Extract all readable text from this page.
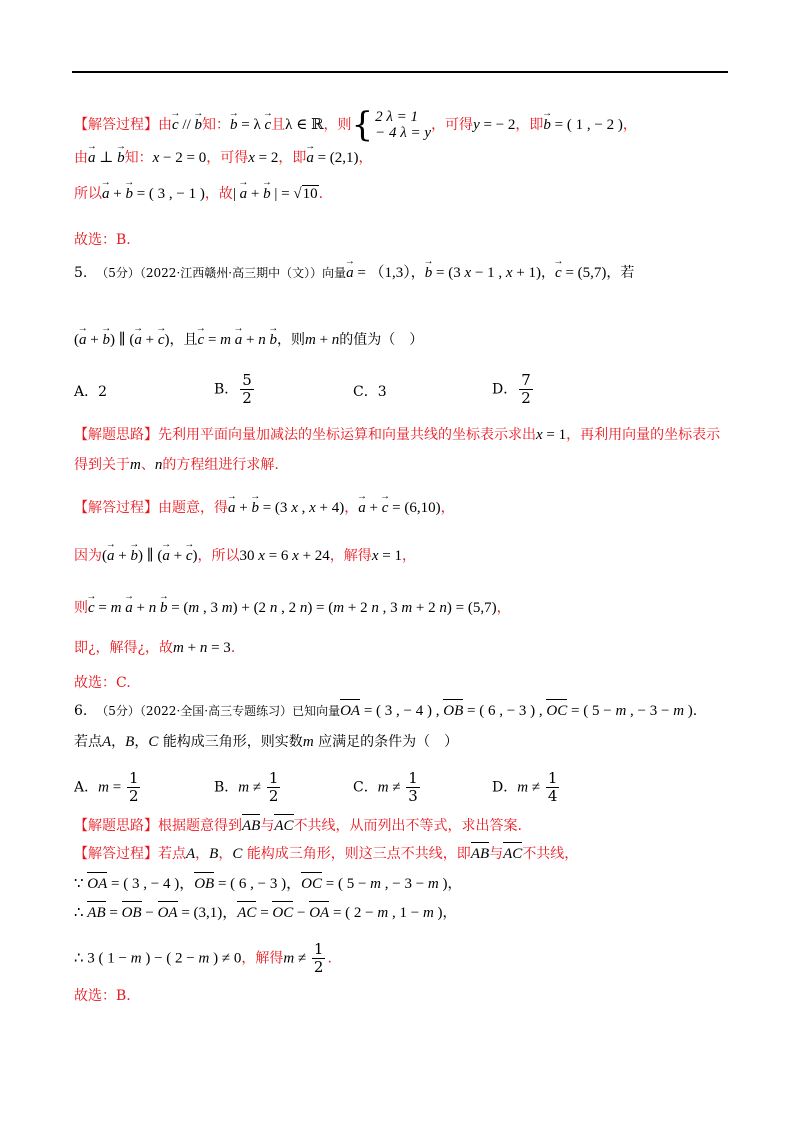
【解答过程】由c → // b →知：b → = λ c →且λ ∈ ℝ，则 { 2 λ = 1
− 4 λ = y ，可得y = − 2，即b → = ( 1 , − 2 )，
由a → ⊥ b →知：x − 2 = 0，可得x = 2，即a → = (2,1)，
所以a → + b → = ( 3 , − 1 )，故| a → + b → | = √10.
故选：B.
5. （5分）（2022·江西赣州·高三期中（文））向量a → = （1,3），b → = (3 x − 1 , x + 1)，c → = (5,7)，若
(a → + b →) ∥ (a → + c →)，且c → = m a → + n b →，则m + n的值为（　）
A．2	B． $\frac{5}{2}$	C．3	D． $\frac{7}{2}$
【解题思路】先利用平面向量加减法的坐标运算和向量共线的坐标表示求出x = 1，再利用向量的坐标表示
得到关于m、n的方程组进行求解.
【解答过程】由题意，得a → + b → = (3 x , x + 4)，a → + c → = (6,10)，
因为(a → + b →) ∥ (a → + c →)，所以30 x = 6 x + 24，解得x = 1，
则c → = m a → + n b → = (m , 3 m) + (2 n , 2 n) = (m + 2 n , 3 m + 2 n) = (5,7)，
即¿，解得¿，故m + n = 3.
故选：C.
6. （5分）（2022·全国·高三专题练习）已知向量OA = ( 3 , − 4 ) , OB = ( 6 , − 3 ) , OC = ( 5 − m , − 3 − m ).
若点A，B，C 能构成三角形，则实数m 应满足的条件为（　）
A．$m = \frac{1}{2}$	B．$m \ne \frac{1}{2}$	C．$m \ne \frac{1}{3}$	D．$m \ne \frac{1}{4}$
【解题思路】根据题意得到AB与AC不共线，从而列出不等式，求出答案.
【解答过程】若点A，B，C 能构成三角形，则这三点不共线，即AB与AC不共线，
∵ OA = ( 3 , − 4 )，OB = ( 6 , − 3 )，OC = ( 5 − m , − 3 − m )，
∴ AB = OB − OA = (3,1)，AC = OC − OA = ( 2 − m , 1 − m )，
∴ 3 ( 1 − m ) − ( 2 − m ) ≠ 0，解得$m \ne \frac{1}{2}$ .
故选：B.
